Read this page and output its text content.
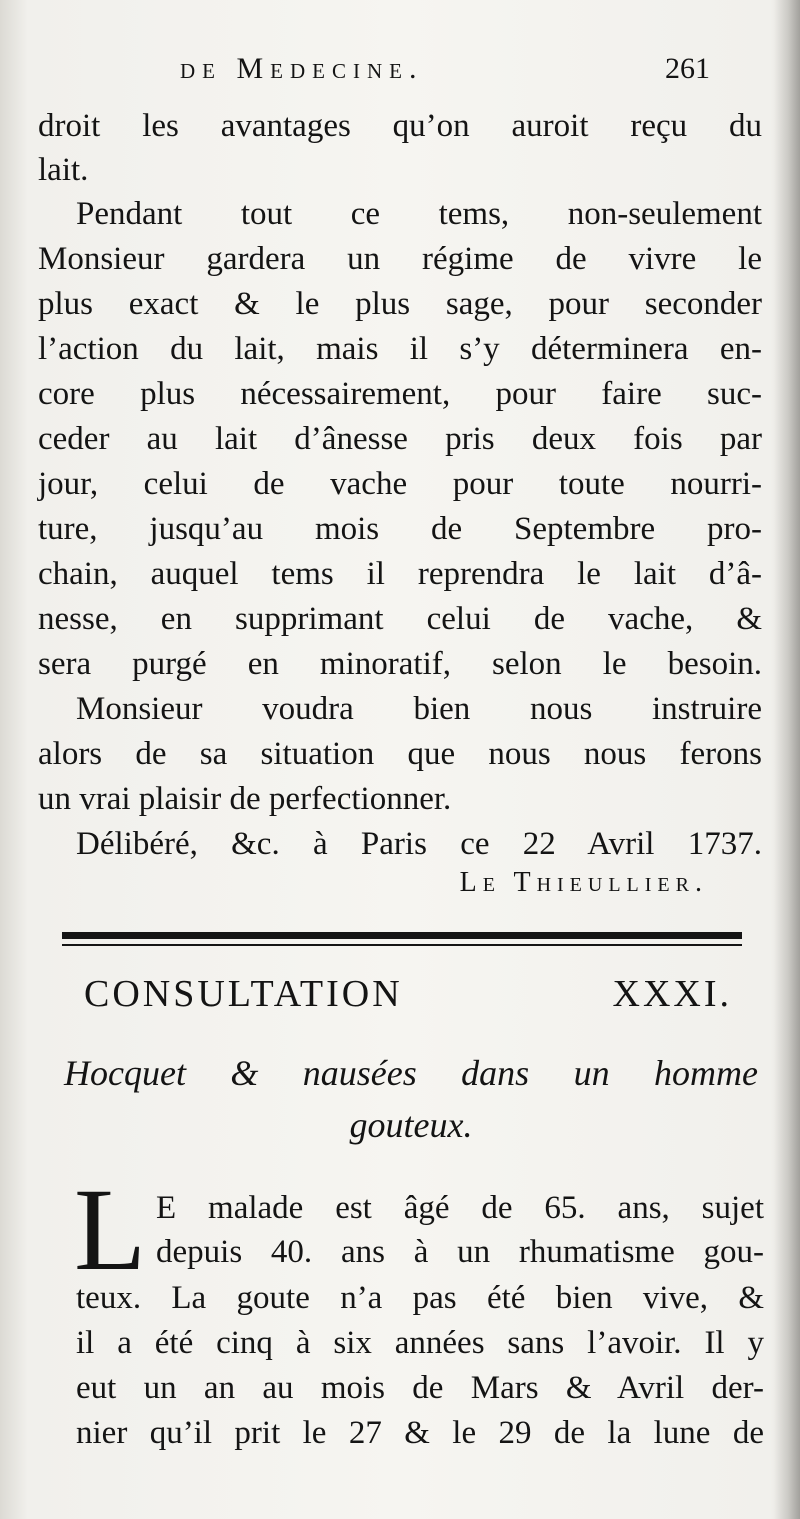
de Medecine.	261
droit les avantages qu’on auroit reçu du
lait.
Pendant tout ce tems, non-seulement
Monsieur gardera un régime de vivre le
plus exact & le plus sage, pour seconder
l’action du lait, mais il s’y déterminera en-
core plus nécessairement, pour faire suc-
ceder au lait d’ânesse pris deux fois par
jour, celui de vache pour toute nourri-
ture, jusqu’au mois de Septembre pro-
chain, auquel tems il reprendra le lait d’â-
nesse, en supprimant celui de vache, &
sera purgé en minoratif, selon le besoin.
Monsieur voudra bien nous instruire
alors de sa situation que nous nous ferons
un vrai plaisir de perfectionner.
Délibéré, &c. à Paris ce 22 Avril 1737.
Le Thieullier.
CONSULTATION XXXI.
Hocquet & nausées dans un homme
gouteux.
L E malade est âgé de 65. ans, sujet
depuis 40. ans à un rhumatisme gou-
teux. La goute n’a pas été bien vive, &
il a été cinq à six années sans l’avoir. Il y
eut un an au mois de Mars & Avril der-
nier qu’il prit le 27 & le 29 de la lune de
